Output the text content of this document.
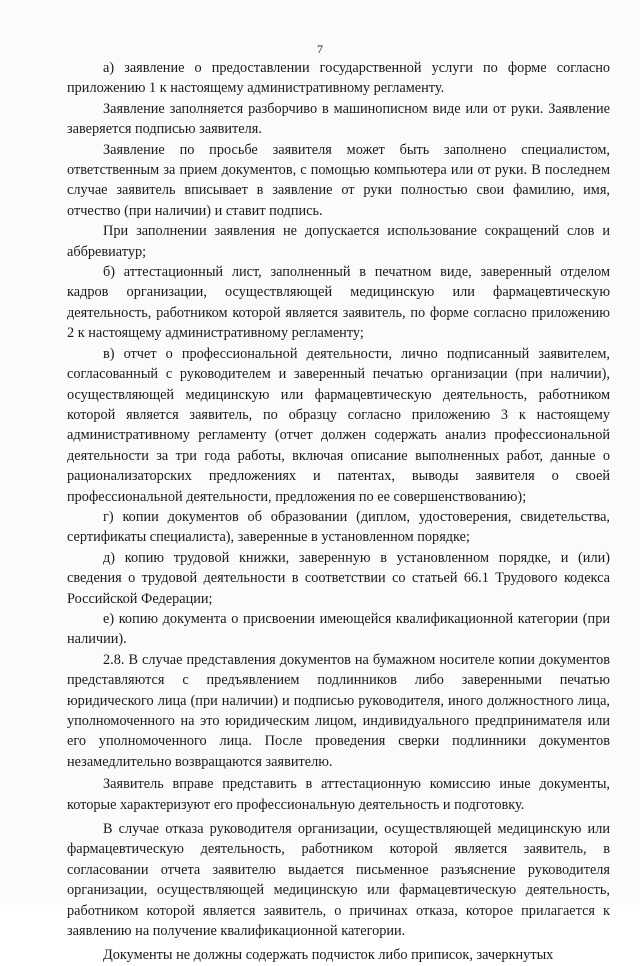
7

а) заявление о предоставлении государственной услуги по форме согласно приложению 1 к настоящему административному регламенту.

Заявление заполняется разборчиво в машинописном виде или от руки. Заявление заверяется подписью заявителя.

Заявление по просьбе заявителя может быть заполнено специалистом, ответственным за прием документов, с помощью компьютера или от руки. В последнем случае заявитель вписывает в заявление от руки полностью свои фамилию, имя, отчество (при наличии) и ставит подпись.

При заполнении заявления не допускается использование сокращений слов и аббревиатур;

б) аттестационный лист, заполненный в печатном виде, заверенный отделом кадров организации, осуществляющей медицинскую или фармацевтическую деятельность, работником которой является заявитель, по форме согласно приложению 2 к настоящему административному регламенту;

в) отчет о профессиональной деятельности, лично подписанный заявителем, согласованный с руководителем и заверенный печатью организации (при наличии), осуществляющей медицинскую или фармацевтическую деятельность, работником которой является заявитель, по образцу согласно приложению 3 к настоящему административному регламенту (отчет должен содержать анализ профессиональной деятельности за три года работы, включая описание выполненных работ, данные о рационализаторских предложениях и патентах, выводы заявителя о своей профессиональной деятельности, предложения по ее совершенствованию);

г) копии документов об образовании (диплом, удостоверения, свидетельства, сертификаты специалиста), заверенные в установленном порядке;

д) копию трудовой книжки, заверенную в установленном порядке, и (или) сведения о трудовой деятельности в соответствии со статьей 66.1 Трудового кодекса Российской Федерации;

е) копию документа о присвоении имеющейся квалификационной категории (при наличии).

2.8. В случае представления документов на бумажном носителе копии документов представляются с предъявлением подлинников либо заверенными печатью юридического лица (при наличии) и подписью руководителя, иного должностного лица, уполномоченного на это юридическим лицом, индивидуального предпринимателя или его уполномоченного лица. После проведения сверки подлинники документов незамедлительно возвращаются заявителю.

Заявитель вправе представить в аттестационную комиссию иные документы, которые характеризуют его профессиональную деятельность и подготовку.

В случае отказа руководителя организации, осуществляющей медицинскую или фармацевтическую деятельность, работником которой является заявитель, в согласовании отчета заявителю выдается письменное разъяснение руководителя организации, осуществляющей медицинскую или фармацевтическую деятельность, работником которой является заявитель, о причинах отказа, которое прилагается к заявлению на получение квалификационной категории.

Документы не должны содержать подчисток либо приписок, зачеркнутых
